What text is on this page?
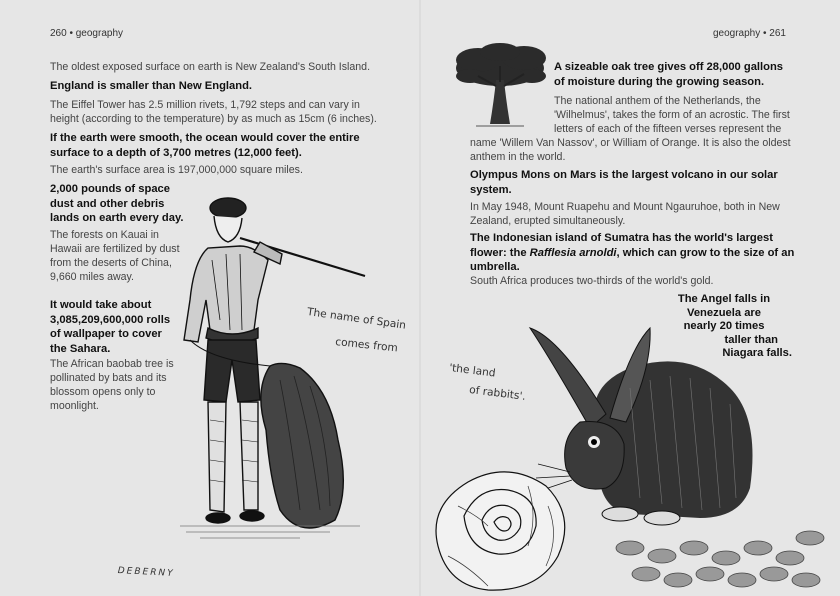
260 • geography

The oldest exposed surface on earth is New Zealand's South Island.

England is smaller than New England.

The Eiffel Tower has 2.5 million rivets, 1,792 steps and can vary in height (according to the temperature) by as much as 15cm (6 inches).

If the earth were smooth, the ocean would cover the entire surface to a depth of 3,700 metres (12,000 feet).

The earth's surface area is 197,000,000 square miles.

2,000 pounds of space dust and other debris lands on earth every day.

The forests on Kauai in Hawaii are fertilized by dust from the deserts of China, 9,660 miles away.

It would take about 3,085,209,600,000 rolls of wallpaper to cover the Sahara.

The African baobab tree is pollinated by bats and its blossom opens only to moonlight.

DEBERNY
The name of Spain
comes from
geography • 261

A sizeable oak tree gives off 28,000 gallons of moisture during the growing season.

The national anthem of the Netherlands, the

'Wilhelmus', takes the form of an acrostic. The first

letters of each of the fifteen verses represent the

name 'Willem Van Nassov', or William of Orange. It is also the oldest

anthem in the world.

Olympus Mons on Mars is the largest volcano in our solar system.

In May 1948, Mount Ruapehu and Mount Ngauruhoe, both in New Zealand, erupted simultaneously.

The Indonesian island of Sumatra has the world's largest flower: the Rafflesia arnoldi, which can grow to the size of an umbrella.

South Africa produces two-thirds of the world's gold.

The Angel falls in
Venezuela are
nearly 20 times
taller than
Niagara falls.
'the land
of rabbits'.
